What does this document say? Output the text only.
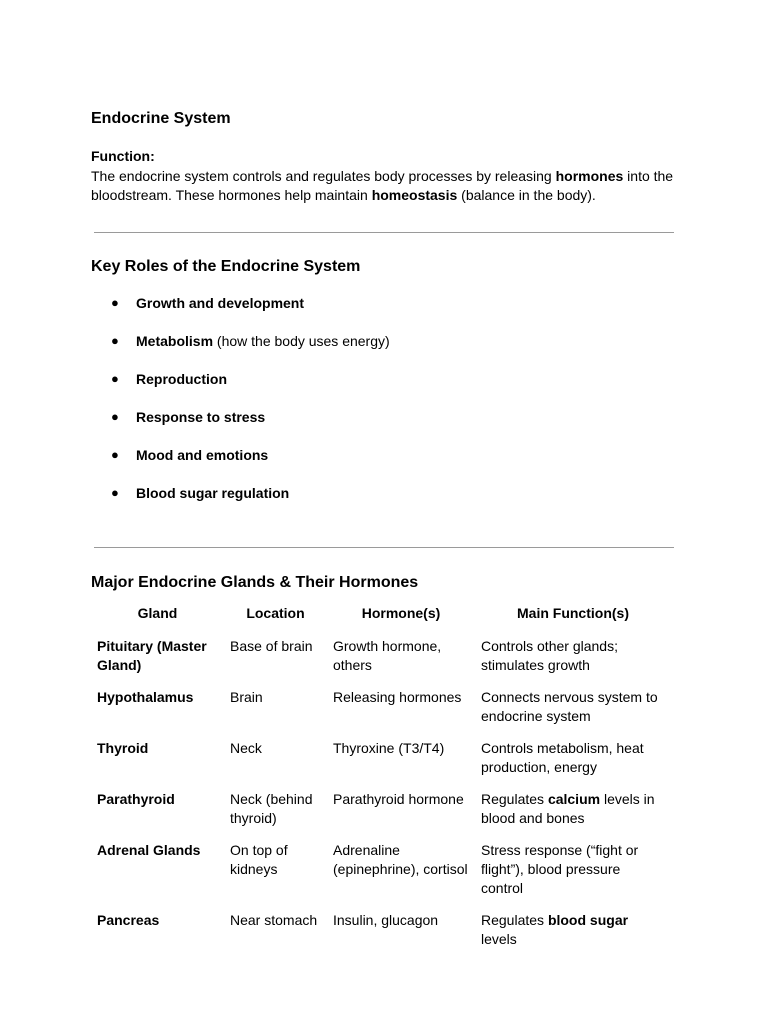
Endocrine System
Function:
The endocrine system controls and regulates body processes by releasing hormones into the bloodstream. These hormones help maintain homeostasis (balance in the body).
Key Roles of the Endocrine System
● Growth and development
● Metabolism (how the body uses energy)
● Reproduction
● Response to stress
● Mood and emotions
● Blood sugar regulation
Major Endocrine Glands & Their Hormones
Gland	Location	Hormone(s)	Main Function(s)
Pituitary (Master Gland)	Base of brain	Growth hormone, others	Controls other glands; stimulates growth
Hypothalamus	Brain	Releasing hormones	Connects nervous system to endocrine system
Thyroid	Neck	Thyroxine (T3/T4)	Controls metabolism, heat production, energy
Parathyroid	Neck (behind thyroid)	Parathyroid hormone	Regulates calcium levels in blood and bones
Adrenal Glands	On top of kidneys	Adrenaline (epinephrine), cortisol	Stress response (“fight or flight”), blood pressure control
Pancreas	Near stomach	Insulin, glucagon	Regulates blood sugar levels
